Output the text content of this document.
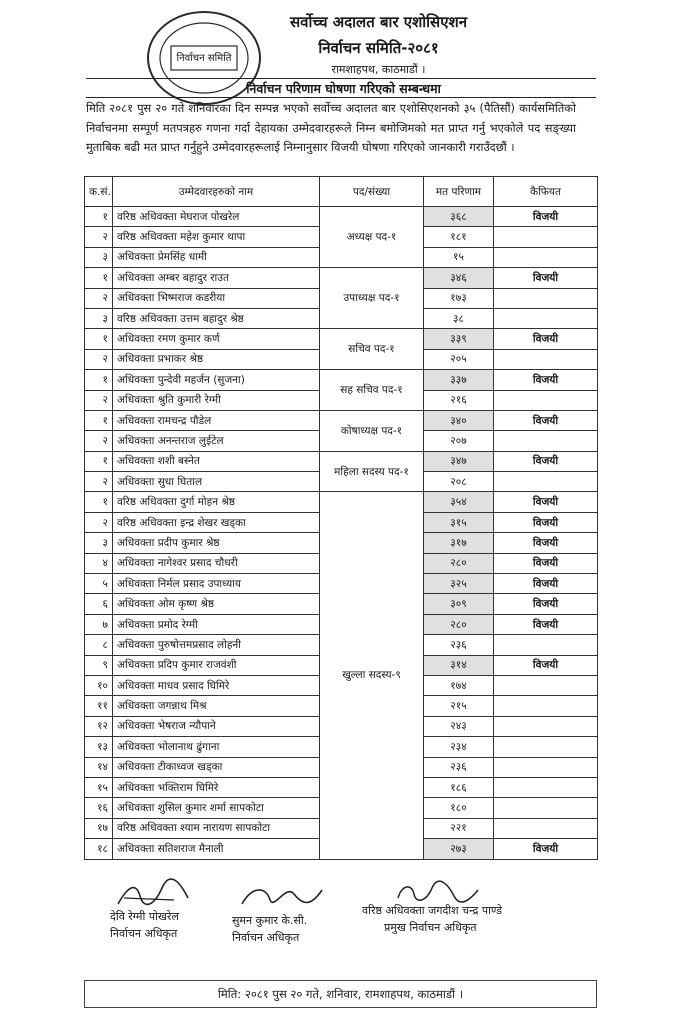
निर्वाचन समिति
सर्वोच्च अदालत बार एशोसिएशन
निर्वाचन समिति-२०८१
रामशाहपथ, काठमाडौं ।
निर्वाचन परिणाम घोषणा गरिएको सम्बन्धमा
मिति २०८१ पुस २० गते शनिवारका दिन सम्पन्न भएको सर्वोच्च अदालत बार एशोसिएशनको ३५ (पैतिसौं) कार्यसमितिको निर्वाचनमा सम्पूर्ण मतपत्रहरु गणना गर्दा देहायका उम्मेदवारहरूले निम्न बमोजिमको मत प्राप्त गर्नु भएकोले पद सङ्ख्या मुताबिक बढी मत प्राप्त गर्नुहुने उम्मेदवारहरूलाई निम्नानुसार विजयी घोषणा गरिएको जानकारी गराउँदछौं ।
क.सं.	उम्मेदवारहरुको नाम	पद/संख्या	मत परिणाम	कैफियत
१	वरिष्ठ अधिवक्ता मेघराज पोखरेल	अध्यक्ष पद-१	३६८	विजयी
२	वरिष्ठ अधिवक्ता महेश कुमार थापा		१८१	
३	अधिवक्ता प्रेमसिंह धामी		१५	
१	अधिवक्ता अम्बर बहादुर राउत	उपाध्यक्ष पद-१	३४६	विजयी
२	अधिवक्ता भिष्मराज कडरीया		१७३	
३	वरिष्ठ अधिवक्ता उत्तम बहादुर श्रेष्ठ		३८	
१	अधिवक्ता रमण कुमार कर्ण	सचिव पद-१	३३९	विजयी
२	अधिवक्ता प्रभाकर श्रेष्ठ		२०५	
१	अधिवक्ता पुन्देवी महर्जन (सुजना)	सह सचिव पद-१	३३७	विजयी
२	अधिवक्ता श्रुति कुमारी रेग्मी		२१६	
१	अधिवक्ता रामचन्द्र पौडेल	कोषाध्यक्ष पद-१	३४०	विजयी
२	अधिवक्ता अनन्तराज लुईटेल		२०७	
१	अधिवक्ता शशी बस्नेत	महिला सदस्य पद-१	३४७	विजयी
२	अधिवक्ता सुधा घिताल		२०८	
१	वरिष्ठ अधिवक्ता दुर्गा मोहन श्रेष्ठ	खुल्ला सदस्य-९	३५४	विजयी
२	वरिष्ठ अधिवक्ता इन्द्र शेखर खड्का		३१५	विजयी
३	अधिवक्ता प्रदीप कुमार श्रेष्ठ		३१७	विजयी
४	अधिवक्ता नागेश्वर प्रसाद चौधरी		२८०	विजयी
५	अधिवक्ता निर्मल प्रसाद उपाध्याय		३२५	विजयी
६	अधिवक्ता ओम कृष्ण श्रेष्ठ		३०९	विजयी
७	अधिवक्ता प्रमोद रेग्मी		२८०	विजयी
८	अधिवक्ता पुरुषोत्तमप्रसाद लोहनी		२३६	
९	अधिवक्ता प्रदिप कुमार राजवंशी		३१४	विजयी
१०	अधिवक्ता माधव प्रसाद घिमिरे		१७४	
११	अधिवक्ता जगन्नाथ मिश्र		२१५	
१२	अधिवक्ता भेषराज न्यौपाने		२४३	
१३	अधिवक्ता भोलानाथ ढुंगाना		२३४	
१४	अधिवक्ता टीकाध्वज खड्का		२३६	
१५	अधिवक्ता भक्तिराम घिमिरे		१८६	
१६	अधिवक्ता शुसिल कुमार शर्मा सापकोटा		१८०	
१७	वरिष्ठ अधिवक्ता श्याम नारायण सापकोटा		२२१	
१८	अधिवक्ता सतिशराज मैनाली		२७३	विजयी
देवि रेग्मी पोखरेल
निर्वाचन अधिकृत
सुमन कुमार के.सी.
निर्वाचन अधिकृत
वरिष्ठ अधिवक्ता जगदीश चन्द्र पाण्डे
प्रमुख निर्वाचन अधिकृत
मिति: २०८१ पुस २० गते, शनिवार, रामशाहपथ, काठमाडौं ।
